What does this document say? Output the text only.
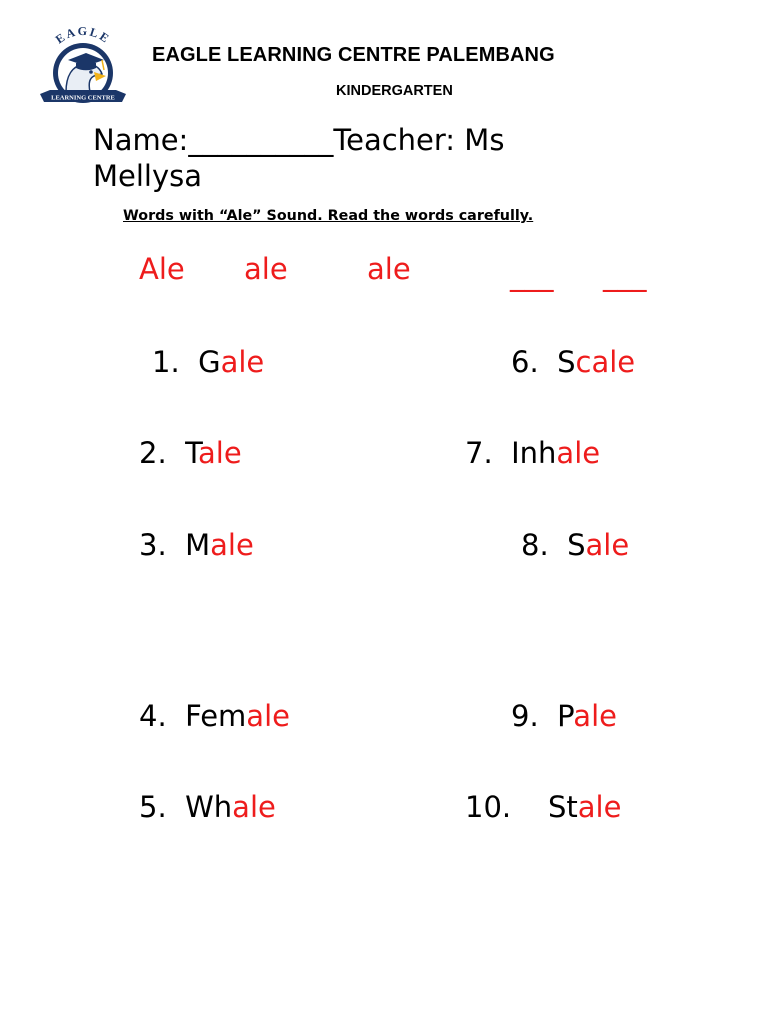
EAGLE
LEARNING CENTRE
EAGLE LEARNING CENTRE PALEMBANG
KINDERGARTEN
Name:__________Teacher: Ms
Mellysa
Words with “Ale” Sound. Read the words carefully.
Ale ale	ale	___ ___
1. Gale
2. Tale
3. Male
4. Female
5. Whale
6. Scale
7. Inhale
8. Sale
9. Pale
10. Stale
